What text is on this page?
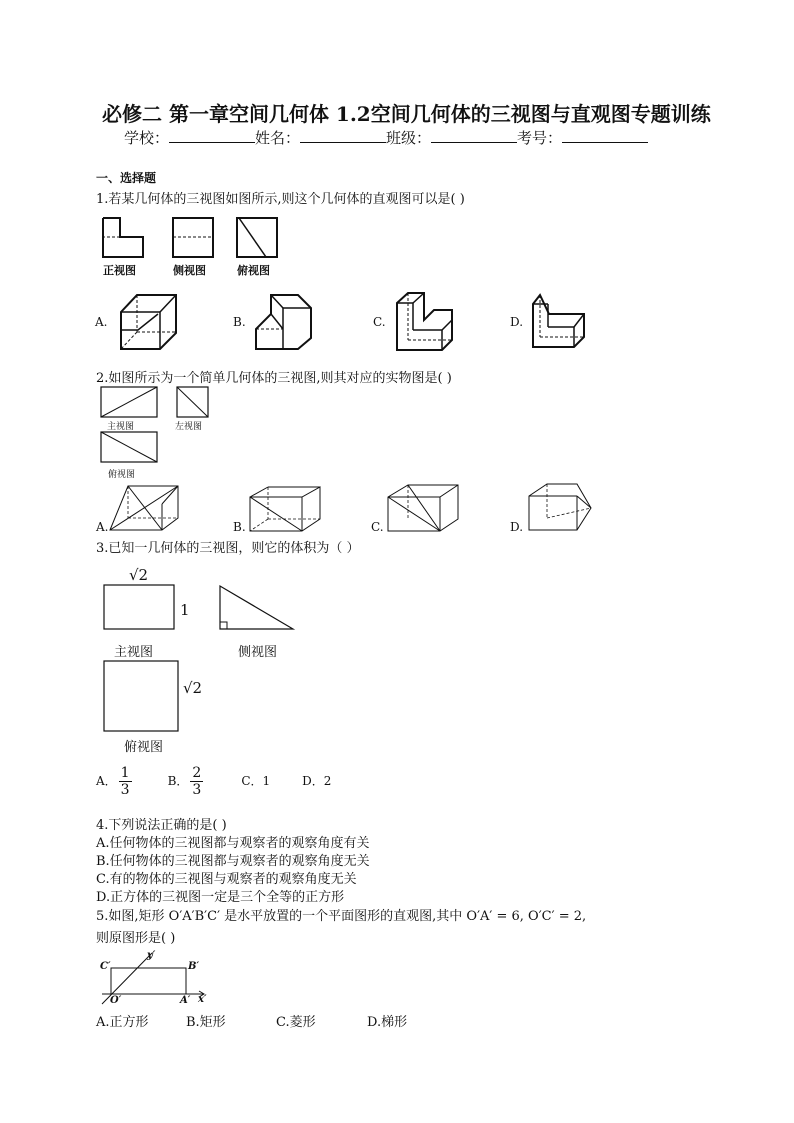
必修二 第一章空间几何体 1.2空间几何体的三视图与直观图专题训练
学校：	姓名：	班级：	考号：
一、选择题
1.若某几何体的三视图如图所示,则这个几何体的直观图可以是( )
正视图	侧视图	俯视图
A.	B.	C.	D.
2.如图所示为一个简单几何体的三视图,则其对应的实物图是( )
主视图	左视图
俯视图
A.	B.	C.	D.
3.已知一几何体的三视图，则它的体积为（ ）
√2
1
主视图	侧视图
√2
俯视图
A． $\frac{1}{3}$	B． $\frac{2}{3}$	C．1	D．2
4.下列说法正确的是( )
A.任何物体的三视图都与观察者的观察角度有关
B.任何物体的三视图都与观察者的观察角度无关
C.有的物体的三视图与观察者的观察角度无关
D.正方体的三视图一定是三个全等的正方形
5.如图,矩形 O′A′B′C′ 是水平放置的一个平面图形的直观图,其中 O′A′ = 6, O′C′ = 2,
则原图形是( )
C′
y′
B′
O′	A′ x′
A.正方形	B.矩形	C.菱形	D.梯形
